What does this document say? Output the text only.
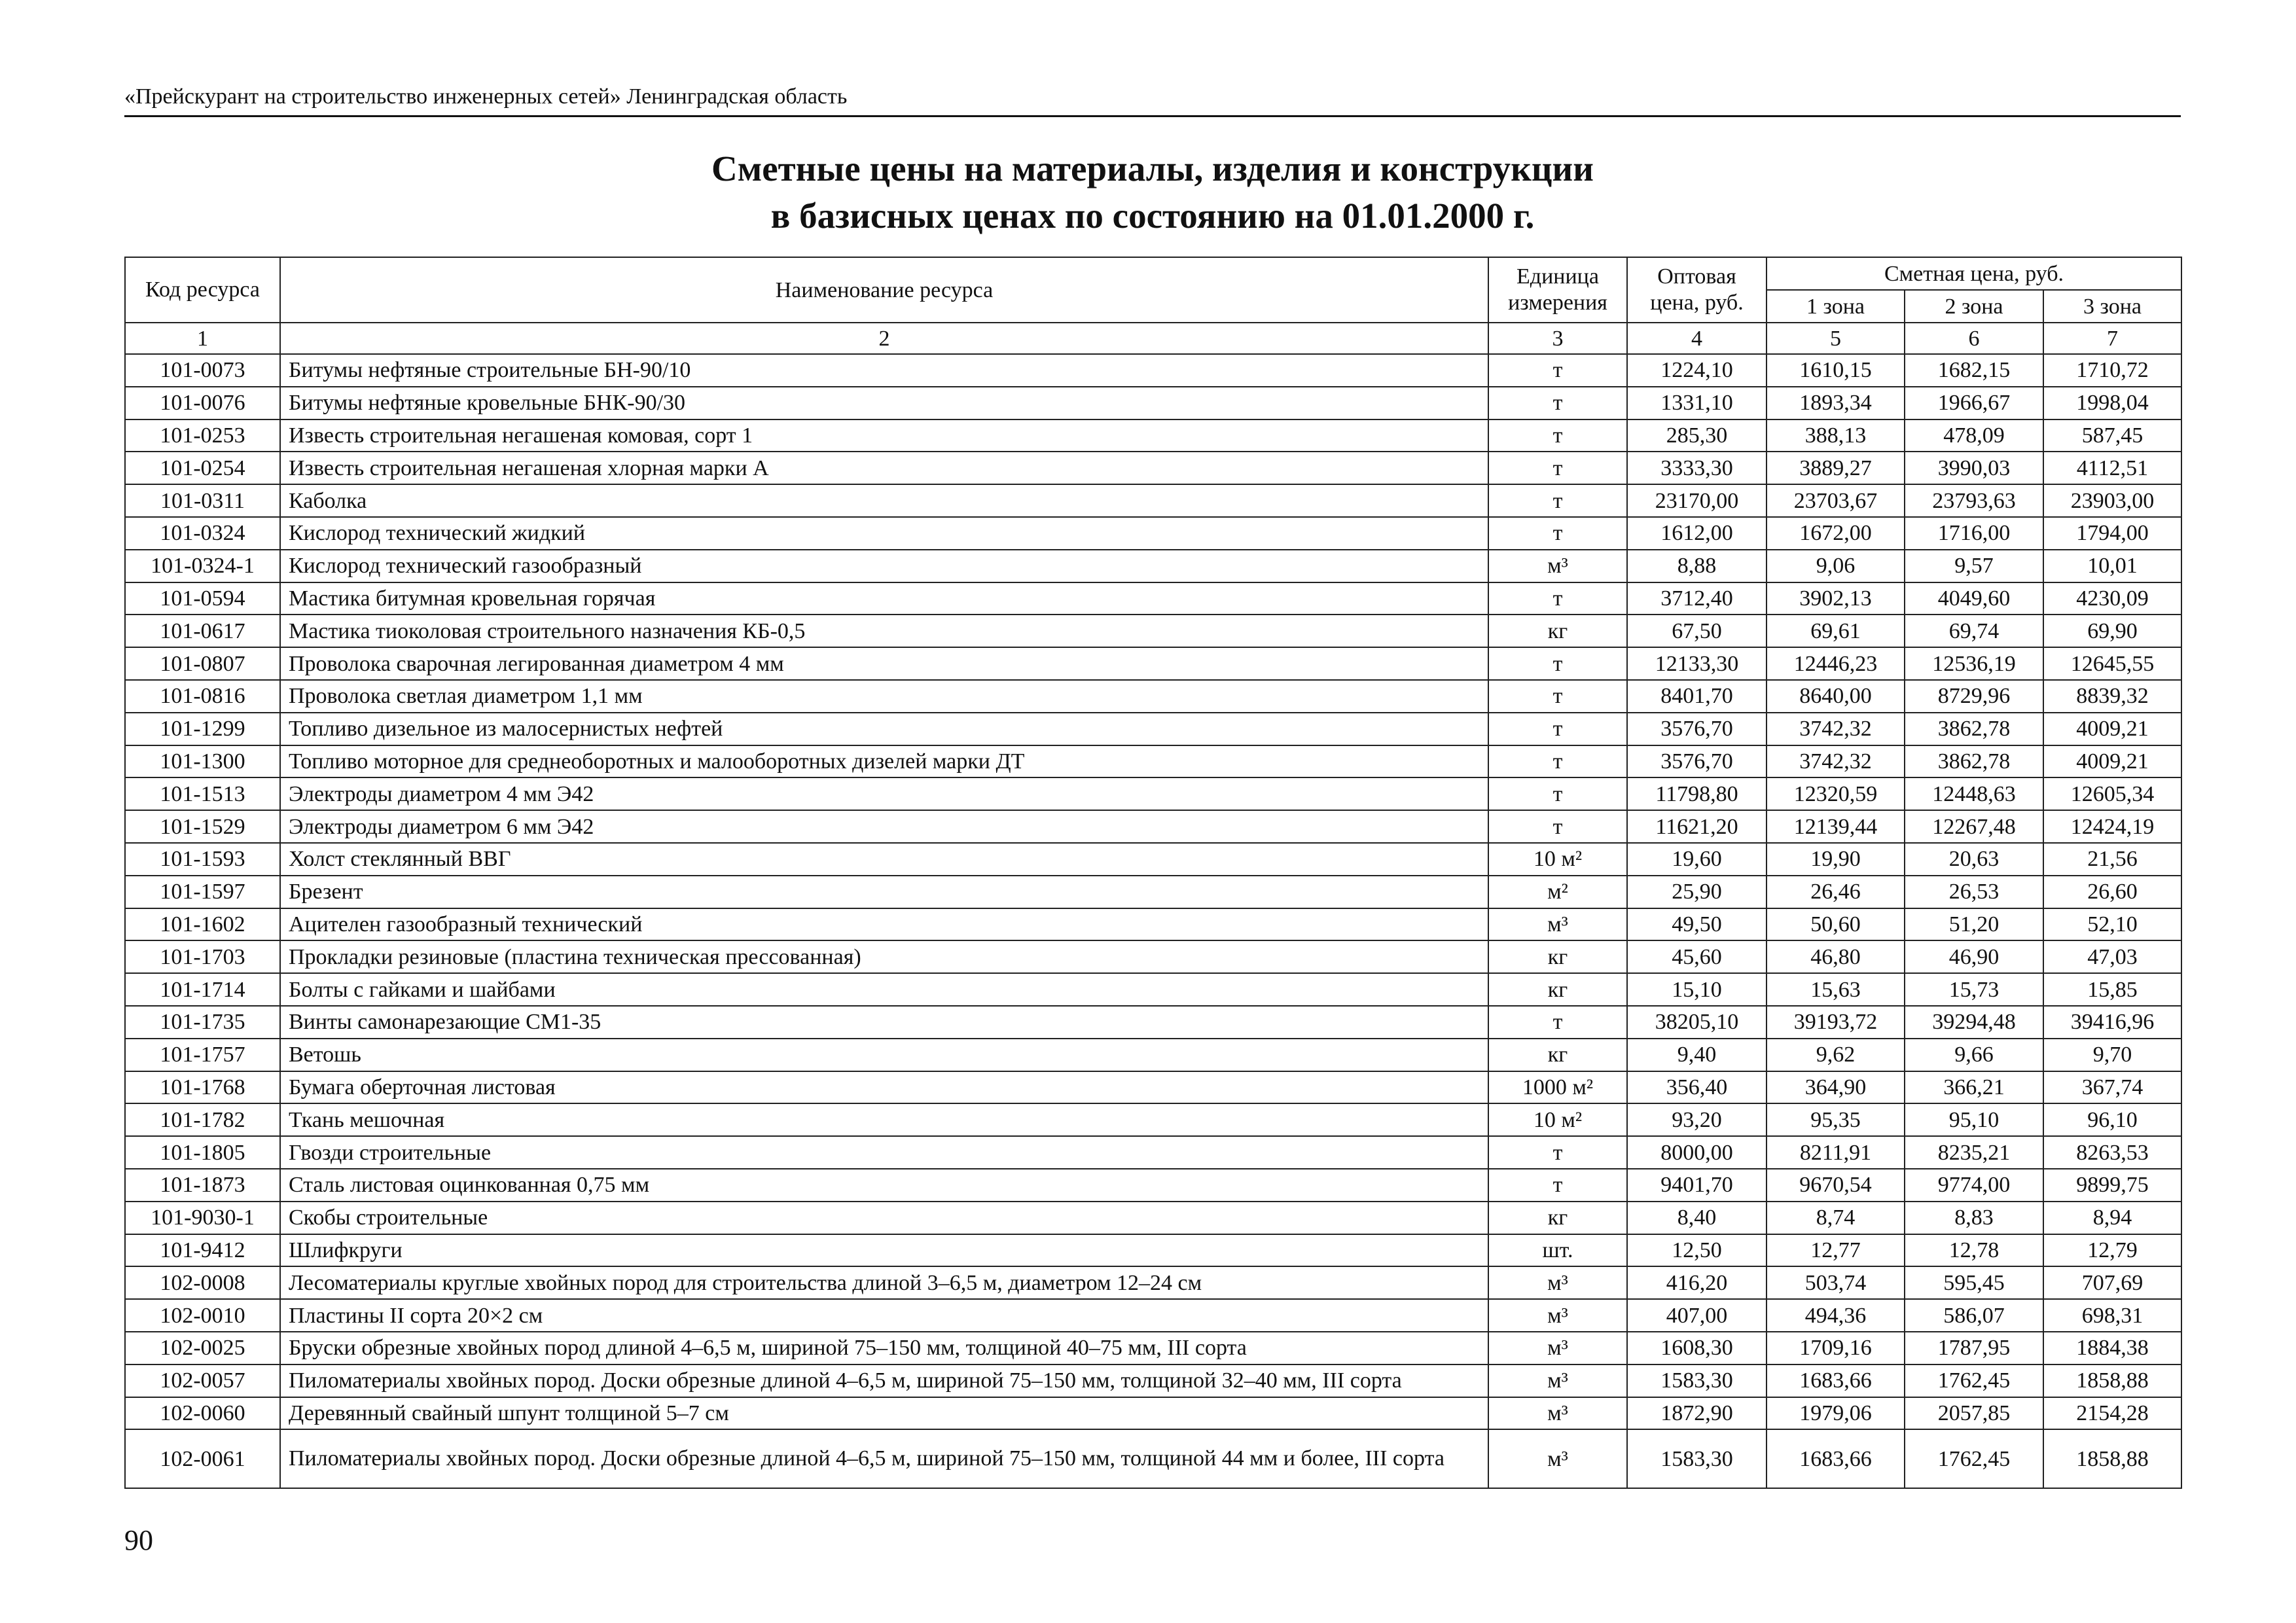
«Прейскурант на строительство инженерных сетей» Ленинградская область
Сметные цены на материалы, изделия и конструкции
в базисных ценах по состоянию на 01.01.2000 г.
Код ресурса	Наименование ресурса	Единица измерения	Оптовая цена, руб.	Сметная цена, руб.		
				1 зона	2 зона	3 зона
1	2	3	4	5	6	7
101-0073	Битумы нефтяные строительные БН-90/10	т	1224,10	1610,15	1682,15	1710,72
101-0076	Битумы нефтяные кровельные БНК-90/30	т	1331,10	1893,34	1966,67	1998,04
101-0253	Известь строительная негашеная комовая, сорт 1	т	285,30	388,13	478,09	587,45
101-0254	Известь строительная негашеная хлорная марки А	т	3333,30	3889,27	3990,03	4112,51
101-0311	Каболка	т	23170,00	23703,67	23793,63	23903,00
101-0324	Кислород технический жидкий	т	1612,00	1672,00	1716,00	1794,00
101-0324-1	Кислород технический газообразный	м³	8,88	9,06	9,57	10,01
101-0594	Мастика битумная кровельная горячая	т	3712,40	3902,13	4049,60	4230,09
101-0617	Мастика тиоколовая строительного назначения КБ-0,5	кг	67,50	69,61	69,74	69,90
101-0807	Проволока сварочная легированная диаметром 4 мм	т	12133,30	12446,23	12536,19	12645,55
101-0816	Проволока светлая диаметром 1,1 мм	т	8401,70	8640,00	8729,96	8839,32
101-1299	Топливо дизельное из малосернистых нефтей	т	3576,70	3742,32	3862,78	4009,21
101-1300	Топливо моторное для среднеоборотных и малооборотных дизелей марки ДТ	т	3576,70	3742,32	3862,78	4009,21
101-1513	Электроды диаметром 4 мм Э42	т	11798,80	12320,59	12448,63	12605,34
101-1529	Электроды диаметром 6 мм Э42	т	11621,20	12139,44	12267,48	12424,19
101-1593	Холст стеклянный ВВГ	10 м²	19,60	19,90	20,63	21,56
101-1597	Брезент	м²	25,90	26,46	26,53	26,60
101-1602	Ацителен газообразный технический	м³	49,50	50,60	51,20	52,10
101-1703	Прокладки резиновые (пластина техническая прессованная)	кг	45,60	46,80	46,90	47,03
101-1714	Болты с гайками и шайбами	кг	15,10	15,63	15,73	15,85
101-1735	Винты самонарезающие СМ1-35	т	38205,10	39193,72	39294,48	39416,96
101-1757	Ветошь	кг	9,40	9,62	9,66	9,70
101-1768	Бумага оберточная листовая	1000 м²	356,40	364,90	366,21	367,74
101-1782	Ткань мешочная	10 м²	93,20	95,35	95,10	96,10
101-1805	Гвозди строительные	т	8000,00	8211,91	8235,21	8263,53
101-1873	Сталь листовая оцинкованная 0,75 мм	т	9401,70	9670,54	9774,00	9899,75
101-9030-1	Скобы строительные	кг	8,40	8,74	8,83	8,94
101-9412	Шлифкруги	шт.	12,50	12,77	12,78	12,79
102-0008	Лесоматериалы круглые хвойных пород для строительства длиной 3–6,5 м, диаметром 12–24 см	м³	416,20	503,74	595,45	707,69
102-0010	Пластины II сорта 20×2 см	м³	407,00	494,36	586,07	698,31
102-0025	Бруски обрезные хвойных пород длиной 4–6,5 м, шириной 75–150 мм, толщиной 40–75 мм, III сорта	м³	1608,30	1709,16	1787,95	1884,38
102-0057	Пиломатериалы хвойных пород. Доски обрезные длиной 4–6,5 м, шириной 75–150 мм, толщиной 32–40 мм, III сорта	м³	1583,30	1683,66	1762,45	1858,88
102-0060	Деревянный свайный шпунт толщиной 5–7 см	м³	1872,90	1979,06	2057,85	2154,28
102-0061	Пиломатериалы хвойных пород. Доски обрезные длиной 4–6,5 м, шириной 75–150 мм, толщиной 44 мм и более, III сорта	м³	1583,30	1683,66	1762,45	1858,88
90
